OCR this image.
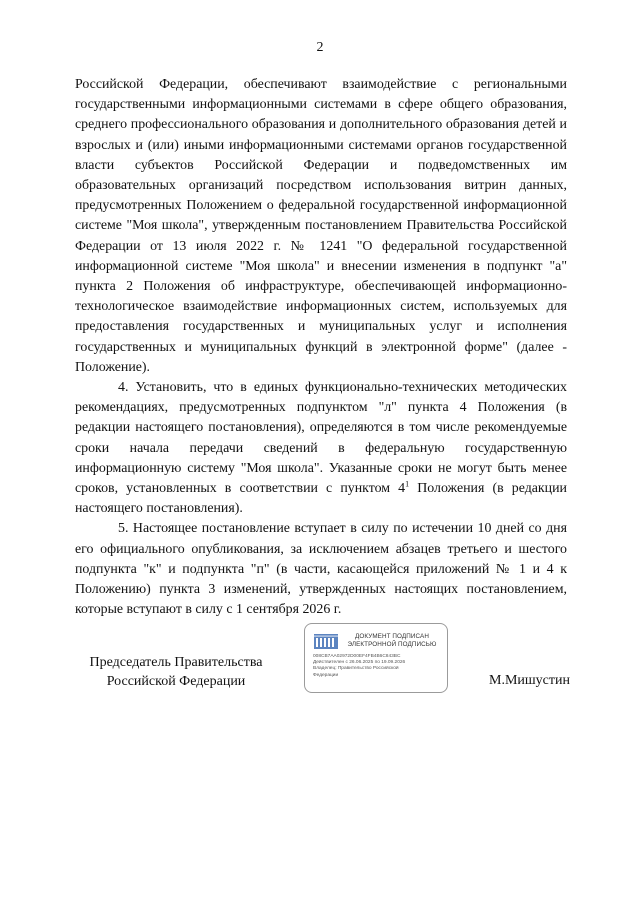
2

Российской Федерации, обеспечивают взаимодействие с региональными государственными информационными системами в сфере общего образования, среднего профессионального образования и дополнительного образования детей и взрослых и (или) иными информационными системами органов государственной власти субъектов Российской Федерации и подведомственных им образовательных организаций посредством использования витрин данных, предусмотренных Положением о федеральной государственной информационной системе "Моя школа", утвержденным постановлением Правительства Российской Федерации от 13 июля 2022 г. № 1241 "О федеральной государственной информационной системе "Моя школа" и внесении изменения в подпункт "а" пункта 2 Положения об инфраструктуре, обеспечивающей информационно-технологическое взаимодействие информационных систем, используемых для предоставления государственных и муниципальных услуг и исполнения государственных и муниципальных функций в электронной форме" (далее - Положение).

4. Установить, что в единых функционально-технических методических рекомендациях, предусмотренных подпунктом "л" пункта 4 Положения (в редакции настоящего постановления), определяются в том числе рекомендуемые сроки начала передачи сведений в федеральную государственную информационную систему "Моя школа". Указанные сроки не могут быть менее сроков, установленных в соответствии с пунктом $4^1$ Положения (в редакции настоящего постановления).

5. Настоящее постановление вступает в силу по истечении 10 дней со дня его официального опубликования, за исключением абзацев третьего и шестого подпункта "к" и подпункта "п" (в части, касающейся приложений № 1 и 4 к Положению) пункта 3 изменений, утвержденных настоящих постановлением, которые вступают в силу с 1 сентября 2026 г.

Председатель Правительства
Российской Федерации
ДОКУМЕНТ ПОДПИСАН
ЭЛЕКТРОННОЙ ПОДПИСЬЮ
008CB7AA02972D00EF4FB4B6C843BC
Действителен с 26.06.2025 по 19.09.2026
Владелец: Правительство Российской
Федерации	М.Мишустин
